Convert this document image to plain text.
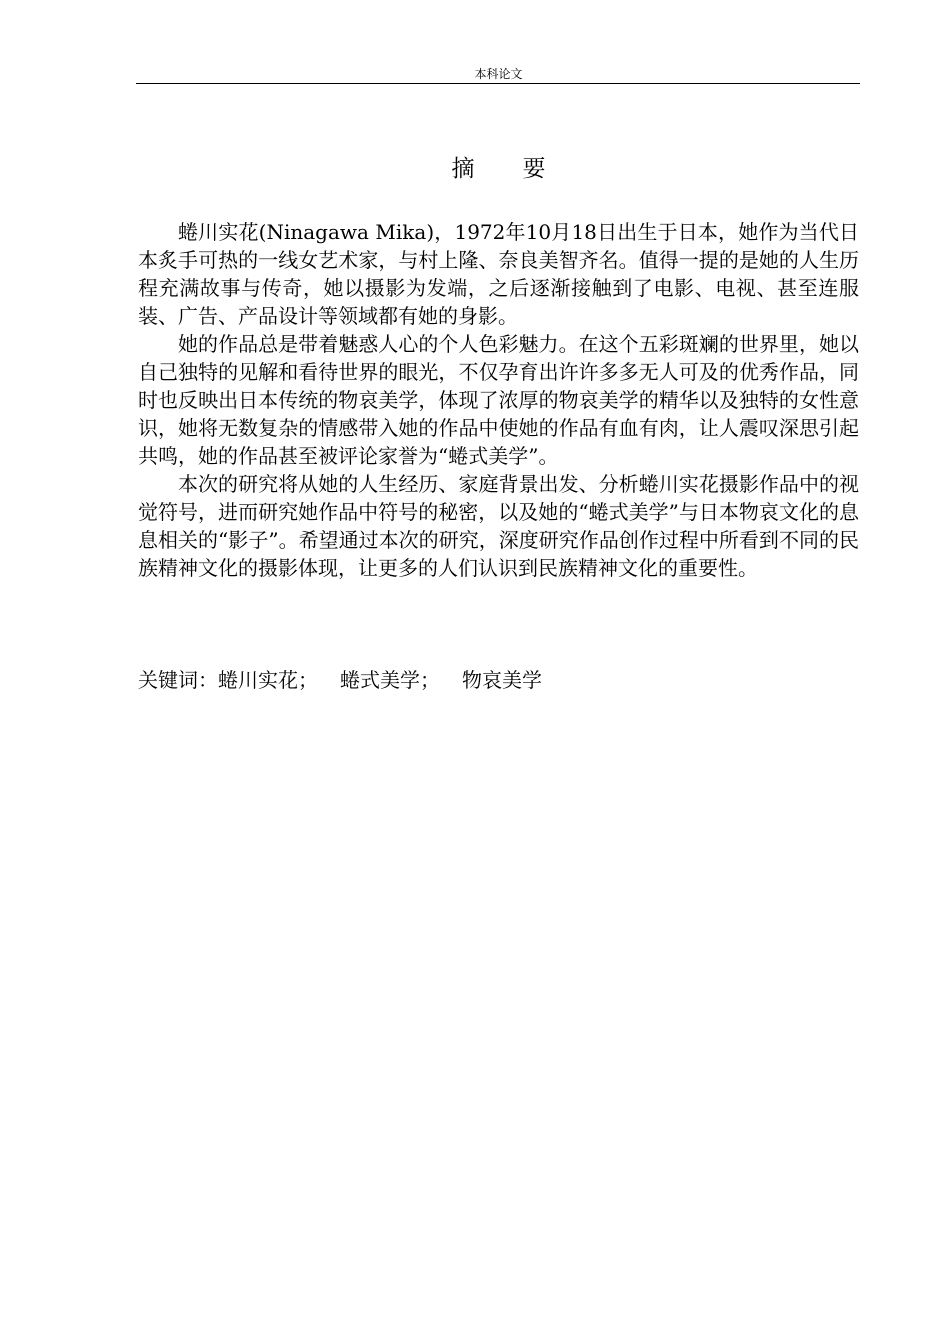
本科论文
摘要

蜷川实花(Ninagawa Mika)，1972年10月18日出生于日本，她作为当代日本炙手可热的一线女艺术家，与村上隆、奈良美智齐名。值得一提的是她的人生历程充满故事与传奇，她以摄影为发端，之后逐渐接触到了电影、电视、甚至连服装、广告、产品设计等领域都有她的身影。

她的作品总是带着魅惑人心的个人色彩魅力。在这个五彩斑斓的世界里，她以自己独特的见解和看待世界的眼光，不仅孕育出许许多多无人可及的优秀作品，同时也反映出日本传统的物哀美学，体现了浓厚的物哀美学的精华以及独特的女性意识，她将无数复杂的情感带入她的作品中使她的作品有血有肉，让人震叹深思引起共鸣，她的作品甚至被评论家誉为“蜷式美学”。

本次的研究将从她的人生经历、家庭背景出发、分析蜷川实花摄影作品中的视觉符号，进而研究她作品中符号的秘密，以及她的“蜷式美学”与日本物哀文化的息息相关的“影子”。希望通过本次的研究，深度研究作品创作过程中所看到不同的民族精神文化的摄影体现，让更多的人们认识到民族精神文化的重要性。

关键词：蜷川实花； 蜷式美学； 物哀美学
